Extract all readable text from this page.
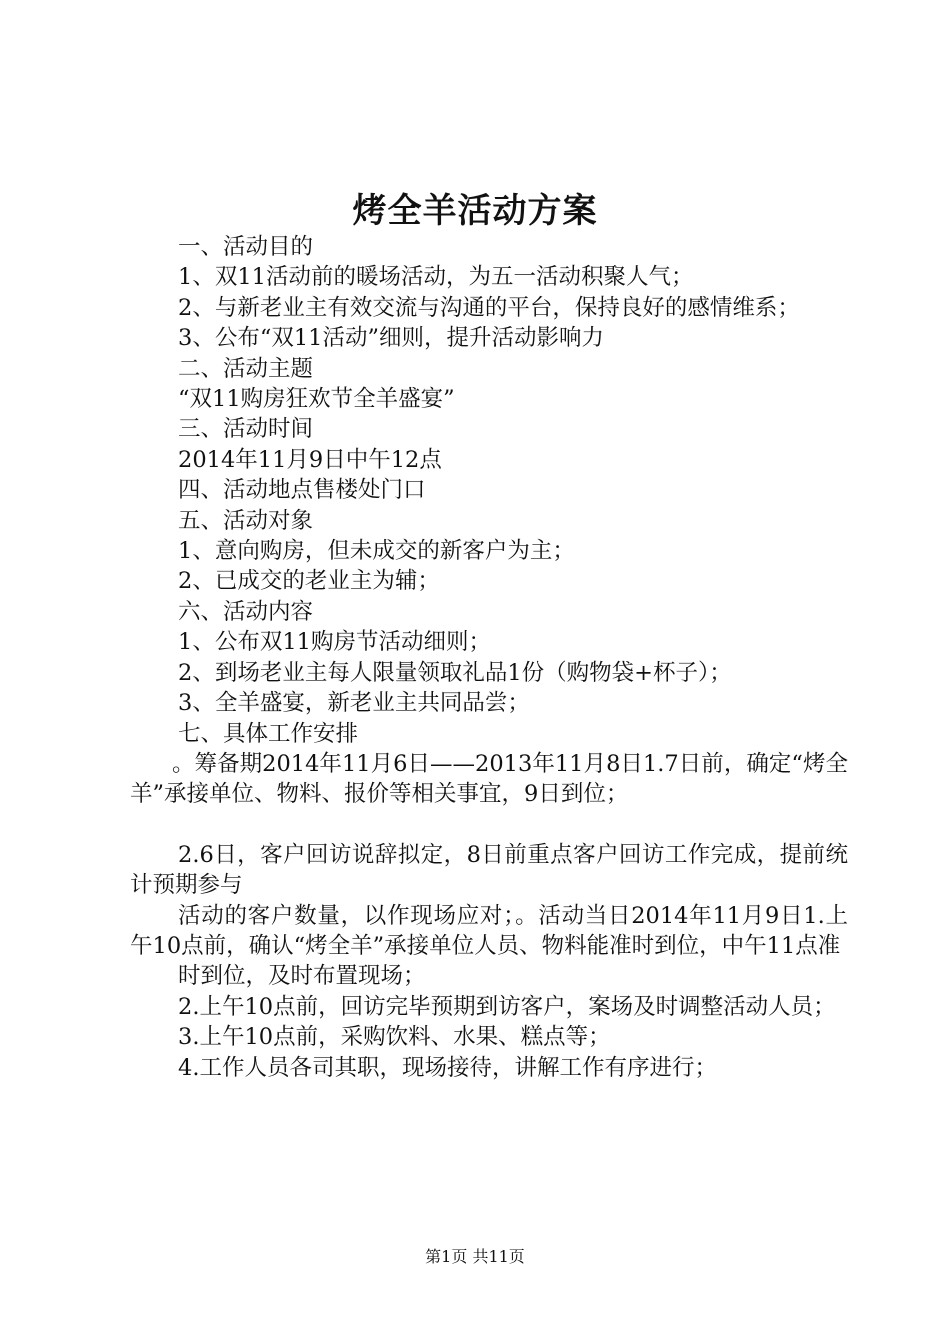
烤全羊活动方案

一、活动目的

1、双11活动前的暖场活动，为五一活动积聚人气；

2、与新老业主有效交流与沟通的平台，保持良好的感情维系；

3、公布“双11活动”细则，提升活动影响力

二、活动主题

“双11购房狂欢节全羊盛宴”

三、活动时间

2014年11月9日中午12点

四、活动地点售楼处门口

五、活动对象

1、意向购房，但未成交的新客户为主；

2、已成交的老业主为辅；

六、活动内容

1、公布双11购房节活动细则；

2、到场老业主每人限量领取礼品1份（购物袋+杯子）；

3、全羊盛宴，新老业主共同品尝；

七、具体工作安排

。筹备期2014年11月6日——2013年11月8日1.7日前，确定“烤全羊”承接单位、物料、报价等相关事宜，9日到位；

2.6日，客户回访说辞拟定，8日前重点客户回访工作完成，提前统计预期参与

活动的客户数量，以作现场应对；。活动当日2014年11月9日1.上午10点前，确认“烤全羊”承接单位人员、物料能准时到位，中午11点准

时到位，及时布置现场；

2.上午10点前，回访完毕预期到访客户，案场及时调整活动人员；

3.上午10点前，采购饮料、水果、糕点等；

4.工作人员各司其职，现场接待，讲解工作有序进行；

第1页 共11页
